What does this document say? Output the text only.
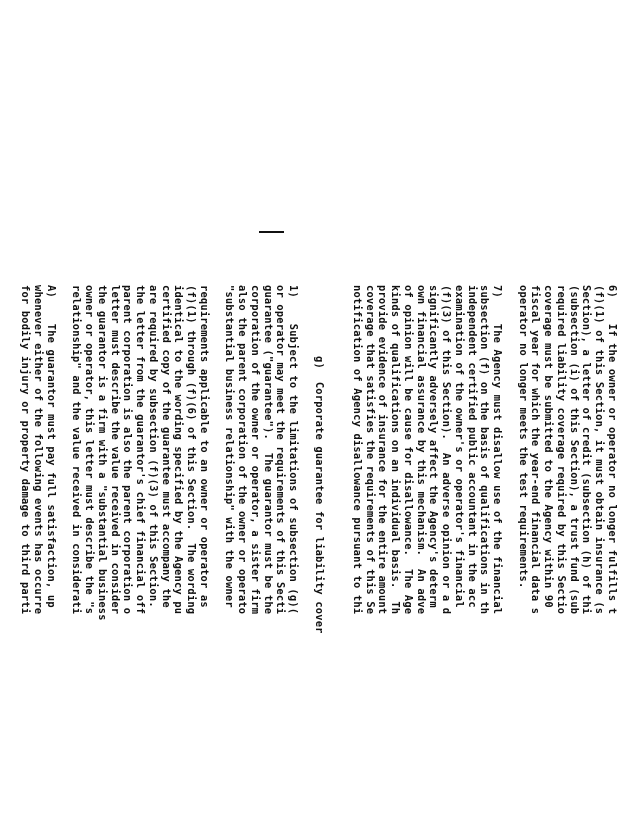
6)    If the owner or operator no longer fulfills t
(f)(1) of this Section, it must obtain insurance (s
Section), a letter of credit (subsection (h) of thi
(subsection (i) of this Section), a trust fund (sub
required liability coverage required by this Sectio
coverage must be submitted to the Agency within 90
fiscal year for which the year-end financial data s
operator no longer meets the test requirements.
7)    The Agency must disallow use of the financial
subsection (f) on the basis of qualifications in th
independent certified public accountant in the acc
examination of the owner's or operator's financial
(f)(3) of this Section).  An adverse opinion or a d
significantly adversely affect the Agency's determ
own financial assurance by this mechanism.  An adve
of opinion will be cause for disallowance.  The Age
kinds of qualifications on an individual basis.  Th
provide evidence of insurance for the entire amount
coverage that satisfies the requirements of this Se
notification of Agency disallowance pursuant to thi
g)  Corporate guarantee for liability cover
1)    Subject to the limitations of subsection (g)(
or operator may meet the requirements of this Secti
guarantee ("guarantee").  The guarantor must be the
corporation of the owner or operator, a sister firm
also the parent corporation of the owner or operato
"substantial business relationship" with the owner
requirements applicable to an owner or operator as
(f)(1) through (f)(6) of this Section.  The wording
identical to the wording specified by the Agency pu
certified copy of the guarantee must accompany the
are required by subsection (f)(3) of this Section.
the letter from the guarantor's chief financial off
parent corporation is also the parent corporation o
letter must describe the value received in consider
the guarantor is a firm with a "substantial business
owner or operator, this letter must describe the "s
relationship" and the value received in considerati
A)    The guarantor must pay full satisfaction, up
whenever either of the following events has occurre
for bodily injury or property damage to third parti
